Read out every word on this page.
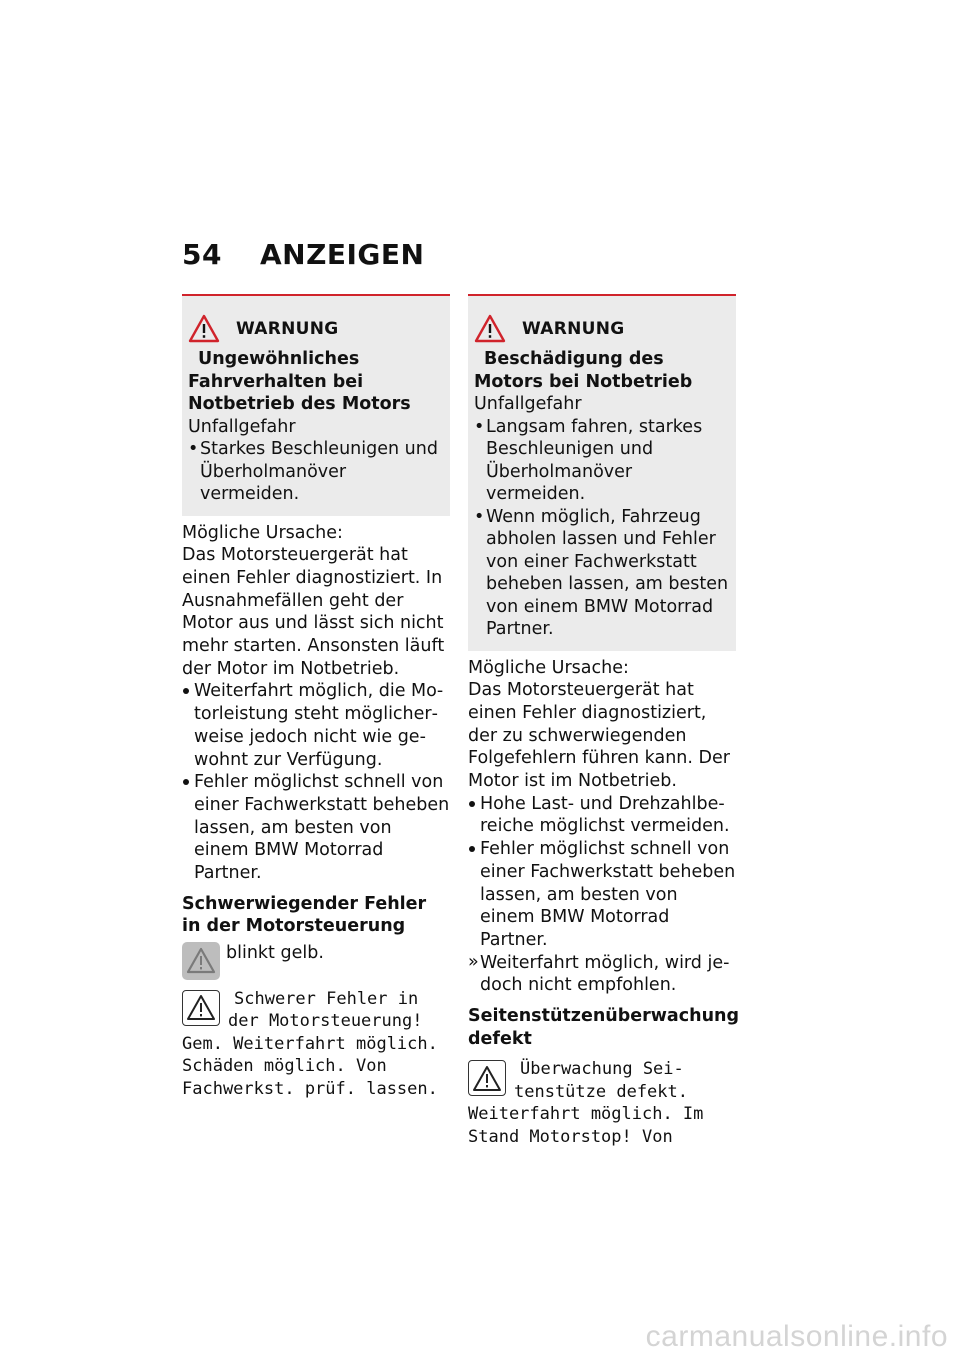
54 ANZEIGEN
WARNUNG
Ungewöhnliches Fahrverhalten bei Notbetrieb des Motors
Unfallgefahr
• Starkes Beschleunigen und Überholmanöver vermeiden.
Mögliche Ursache:
Das Motorsteuergerät hat einen Fehler diagnostiziert. In Ausnahmefällen geht der Motor aus und lässt sich nicht mehr starten. Ansonsten läuft der Motor im Notbetrieb.
Weiterfahrt möglich, die Motorleistung steht möglicherweise jedoch nicht wie gewohnt zur Verfügung.
Fehler möglichst schnell von einer Fachwerkstatt beheben lassen, am besten von einem BMW Motorrad Partner.
Schwerwiegender Fehler in der Motorsteuerung
blinkt gelb.
Schwerer Fehler in der Motorsteuerung! Gem. Weiterfahrt möglich. Schäden möglich. Von Fachwerkst. prüf. lassen.
WARNUNG
Beschädigung des Motors bei Notbetrieb
Unfallgefahr
• Langsam fahren, starkes Beschleunigen und Überholmanöver vermeiden.
• Wenn möglich, Fahrzeug abholen lassen und Fehler von einer Fachwerkstatt beheben lassen, am besten von einem BMW Motorrad Partner.
Mögliche Ursache:
Das Motorsteuergerät hat einen Fehler diagnostiziert, der zu schwerwiegenden Folgefehlern führen kann. Der Motor ist im Notbetrieb.
Hohe Last- und Drehzahlbereiche möglichst vermeiden.
Fehler möglichst schnell von einer Fachwerkstatt beheben lassen, am besten von einem BMW Motorrad Partner.
» Weiterfahrt möglich, wird jedoch nicht empfohlen.
Seitenstützenüberwachung defekt
Überwachung Seitenstütze defekt. Weiterfahrt möglich. Im Stand Motorstop! Von
carmanualsonline.info
